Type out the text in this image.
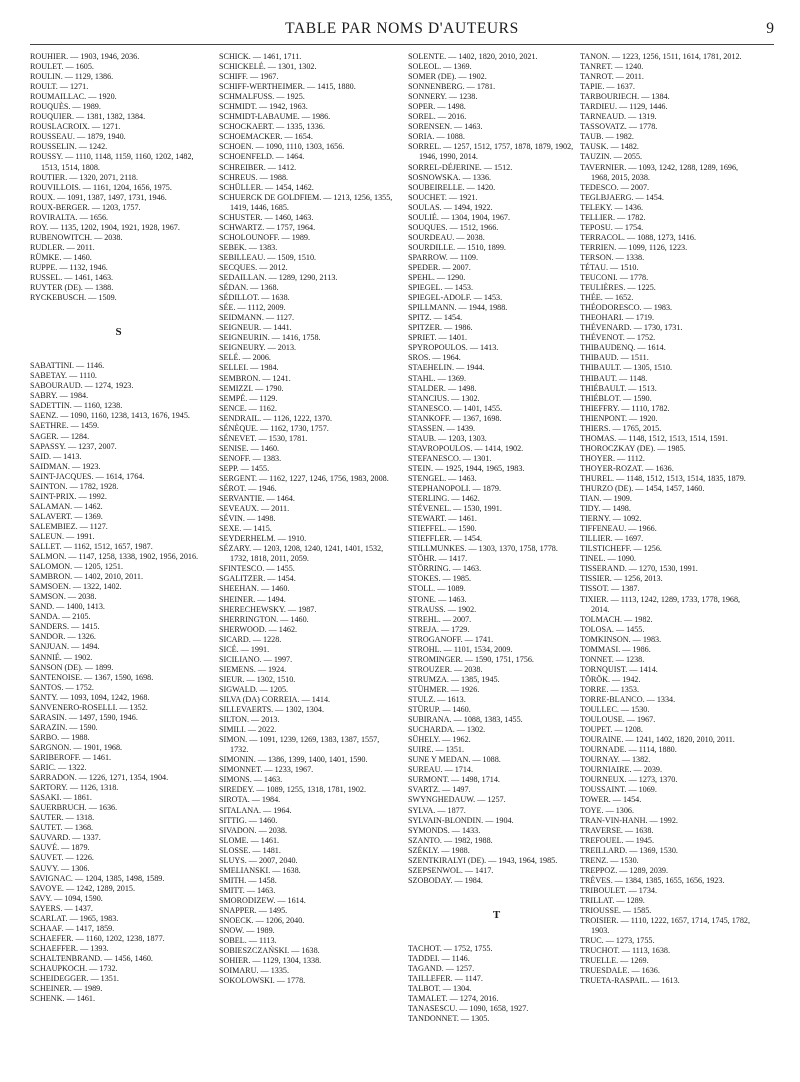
TABLE PAR NOMS D'AUTEURS	9
ROUHIER. — 1903, 1946, 2036.
ROULET. — 1605.
ROULIN. — 1129, 1386.
ROULT. — 1271.
ROUMAILLAC. — 1920.
ROUQUÈS. — 1989.
ROUQUIER. — 1381, 1382, 1384.
ROUSLACROIX. — 1271.
ROUSSEAU. — 1879, 1940.
ROUSSELIN. — 1242.
ROUSSY. — 1110, 1148, 1159, 1160, 1202, 1482, 1513, 1514, 1808.
ROUTIER. — 1320, 2071, 2118.
ROUVILLOIS. — 1161, 1204, 1656, 1975.
ROUX. — 1091, 1387, 1497, 1731, 1946.
ROUX-BERGER. — 1203, 1757.
ROVIRALTA. — 1656.
ROY. — 1135, 1202, 1904, 1921, 1928, 1967.
RUBENOWITCH. — 2038.
RUDLER. — 2011.
RÜMKE. — 1460.
RUPPE. — 1132, 1946.
RUSSEL. — 1461, 1463.
RUYTER (DE). — 1388.
RYCKEBUSCH. — 1509.
S
SABATTINI. — 1146.
SABETAY. — 1110.
SABOURAUD. — 1274, 1923.
SABRY. — 1984.
SADETTIN. — 1160, 1238.
SAENZ. — 1090, 1160, 1238, 1413, 1676, 1945.
SAETHRE. — 1459.
SAGER. — 1284.
SAPASSY. — 1237, 2007.
SAID. — 1413.
SAIDMAN. — 1923.
SAINT-JACQUES. — 1614, 1764.
SAINTON. — 1782, 1928.
SAINT-PRIX. — 1992.
SALAMAN. — 1462.
SALAVERT. — 1369.
SALEMBIEZ. — 1127.
SALEUN. — 1991.
SALLET. — 1162, 1512, 1657, 1987.
SALMON. — 1147, 1258, 1338, 1902, 1956, 2016.
SALOMON. — 1205, 1251.
SAMBRON. — 1402, 2010, 2011.
SAMSOEN. — 1322, 1402.
SAMSON. — 2038.
SAND. — 1400, 1413.
SANDA. — 2105.
SANDERS. — 1415.
SANDOR. — 1326.
SANJUAN. — 1494.
SANNIÉ. — 1902.
SANSON (DE). — 1899.
SANTENOISE. — 1367, 1590, 1698.
SANTOS. — 1752.
SANTY. — 1093, 1094, 1242, 1968.
SANVENERO-ROSELLI. — 1352.
SARASIN. — 1497, 1590, 1946.
SARAZIN. — 1590.
SARBO. — 1988.
SARGNON. — 1901, 1968.
SARIBEROFF. — 1461.
SARIC. — 1322.
SARRADON. — 1226, 1271, 1354, 1904.
SARTORY. — 1126, 1318.
SASAKI. — 1861.
SAUERBRUCH. — 1636.
SAUTER. — 1318.
SAUTET. — 1368.
SAUVARD. — 1337.
SAUVÉ. — 1879.
SAUVET. — 1226.
SAUVY. — 1306.
SAVIGNAC. — 1204, 1385, 1498, 1589.
SAVOYE. — 1242, 1289, 2015.
SAVY. — 1094, 1590.
SAYERS. — 1437.
SCARLAT. — 1965, 1983.
SCHAAF. — 1417, 1859.
SCHAEFER. — 1160, 1202, 1238, 1877.
SCHAEFFER. — 1393.
SCHALTENBRAND. — 1456, 1460.
SCHAUPKOCH. — 1732.
SCHEIDEGGER. — 1351.
SCHEINER. — 1989.
SCHENK. — 1461.
SCHICK. — 1461, 1711.
SCHICKELÉ. — 1301, 1302.
SCHIFF. — 1967.
SCHIFF-WERTHEIMER. — 1415, 1880.
SCHMALFUSS. — 1925.
SCHMIDT. — 1942, 1963.
SCHMIDT-LABAUME. — 1986.
SCHOCKAERT. — 1335, 1336.
SCHOEMACKER. — 1654.
SCHOEN. — 1090, 1110, 1303, 1656.
SCHOENFELD. — 1464.
SCHREIBER. — 1412.
SCHREUS. — 1988.
SCHÜLLER. — 1454, 1462.
SCHUERCK DE GOLDFIEM. — 1213, 1256, 1355, 1419, 1446, 1685.
SCHUSTER. — 1460, 1463.
SCHWARTZ. — 1757, 1964.
SCHOLOUNOFF. — 1989.
SEBEK. — 1383.
SEBILLEAU. — 1509, 1510.
SECQUES. — 2012.
SEDAILLAN. — 1289, 1290, 2113.
SÉDAN. — 1368.
SÉDILLOT. — 1638.
SÉE. — 1112, 2009.
SEIDMANN. — 1127.
SEIGNEUR. — 1441.
SEIGNEURIN. — 1416, 1758.
SEIGNEURY. — 2013.
SELÉ. — 2006.
SELLEI. — 1984.
SEMBRON. — 1241.
SEMIZZI. — 1790.
SEMPÉ. — 1129.
SENCE. — 1162.
SENDRAIL. — 1126, 1222, 1370.
SÉNÈQUE. — 1162, 1730, 1757.
SÉNEVET. — 1530, 1781.
SENISE. — 1460.
SENOFF. — 1383.
SEPP. — 1455.
SERGENT. — 1162, 1227, 1246, 1756, 1983, 2008.
SÉROT. — 1946.
SERVANTIE. — 1464.
SEVEAUX. — 2011.
SÉVIN. — 1498.
SEXE. — 1415.
SEYDERHELM. — 1910.
SÉZARY. — 1203, 1208, 1240, 1241, 1401, 1532, 1732, 1818, 2011, 2059.
SFINTESCO. — 1455.
SGALITZER. — 1454.
SHEEHAN. — 1460.
SHEINER. — 1494.
SHERECHEWSKY. — 1987.
SHERRINGTON. — 1460.
SHERWOOD. — 1462.
SICARD. — 1228.
SICÉ. — 1991.
SICILIANO. — 1997.
SIEMENS. — 1924.
SIEUR. — 1302, 1510.
SIGWALD. — 1205.
SILVA (DA) CORREIA. — 1414.
SILLEVAERTS. — 1302, 1304.
SILTON. — 2013.
SIMILI. — 2022.
SIMON. — 1091, 1239, 1269, 1383, 1387, 1557, 1732.
SIMONIN. — 1386, 1399, 1400, 1401, 1590.
SIMONNET. — 1233, 1967.
SIMONS. — 1463.
SIREDEY. — 1089, 1255, 1318, 1781, 1902.
SIROTA. — 1984.
SITALANA. — 1964.
SITTIG. — 1460.
SIVADON. — 2038.
SLOME. — 1461.
SLOSSE. — 1481.
SLUYS. — 2007, 2040.
SMELIANSKI. — 1638.
SMITH. — 1458.
SMITT. — 1463.
SMORODIZEW. — 1614.
SNAPPER. — 1495.
SNOECK. — 1206, 2040.
SNOW. — 1989.
SOBEL. — 1113.
SOBIESZCZAŃSKI. — 1638.
SOHIER. — 1129, 1304, 1338.
SOIMARU. — 1335.
SOKOLOWSKI. — 1778.
SOLENTE. — 1402, 1820, 2010, 2021.
SOLEOL. — 1369.
SOMER (DE). — 1902.
SONNENBERG. — 1781.
SONNERY. — 1238.
SOPER. — 1498.
SOREL. — 2016.
SORENSEN. — 1463.
SORIA. — 1088.
SORREL. — 1257, 1512, 1757, 1878, 1879, 1902, 1946, 1990, 2014.
SORREL-DÉJERINE. — 1512.
SOSNOWSKA. — 1336.
SOUBEIRELLE. — 1420.
SOUCHET. — 1921.
SOULAS. — 1494, 1922.
SOULIÉ. — 1304, 1904, 1967.
SOUQUES. — 1512, 1966.
SOURDEAU. — 2038.
SOURDILLE. — 1510, 1899.
SPARROW. — 1109.
SPEDER. — 2007.
SPEHL. — 1290.
SPIEGEL. — 1453.
SPIEGEL-ADOLF. — 1453.
SPILLMANN. — 1944, 1988.
SPITZ. — 1454.
SPITZER. — 1986.
SPRIET. — 1401.
SPYROPOULOS. — 1413.
SROS. — 1964.
STAEHELIN. — 1944.
STAHL. — 1369.
STALDER. — 1498.
STANCIUS. — 1302.
STANESCO. — 1401, 1455.
STANKOFF. — 1367, 1698.
STASSEN. — 1439.
STAUB. — 1203, 1303.
STAVROPOULOS. — 1414, 1902.
STEFANESCO. — 1301.
STEIN. — 1925, 1944, 1965, 1983.
STENGEL. — 1463.
STEPHANOPOLI. — 1879.
STERLING. — 1462.
STÉVENEL. — 1530, 1991.
STEWART. — 1461.
STIEFFEL. — 1590.
STIEFFLER. — 1454.
STILLMUNKES. — 1303, 1370, 1758, 1778.
STÖHR. — 1417.
STÖRRING. — 1463.
STOKES. — 1985.
STOLL. — 1089.
STONE. — 1463.
STRAUSS. — 1902.
STREHL. — 2007.
STREJA. — 1729.
STROGANOFF. — 1741.
STROHL. — 1101, 1534, 2009.
STROMINGER. — 1590, 1751, 1756.
STROUZER. — 2038.
STRUMZA. — 1385, 1945.
STÜHMER. — 1926.
STULZ. — 1613.
STÜRUP. — 1460.
SUBIRANA. — 1088, 1383, 1455.
SUCHARDA. — 1302.
SÜHELY. — 1962.
SUIRE. — 1351.
SUNE Y MEDAN. — 1088.
SUREAU. — 1714.
SURMONT. — 1498, 1714.
SVARTZ. — 1497.
SWYNGHEDAUW. — 1257.
SYLVA. — 1877.
SYLVAIN-BLONDIN. — 1904.
SYMONDS. — 1433.
SZANTO. — 1982, 1988.
SZÉKLY. — 1988.
SZENTKIRALYI (DE). — 1943, 1964, 1985.
SZEPSENWOL. — 1417.
SZOBODAY. — 1984.
T
TACHOT. — 1752, 1755.
TADDEI. — 1146.
TAGAND. — 1257.
TAILLEFER. — 1147.
TALBOT. — 1304.
TAMALET. — 1274, 2016.
TANASESCU. — 1090, 1658, 1927.
TANDONNET. — 1305.
TANON. — 1223, 1256, 1511, 1614, 1781, 2012.
TANRET. — 1240.
TANROT. — 2011.
TAPIE. — 1637.
TARBOURIECH. — 1384.
TARDIEU. — 1129, 1446.
TARNEAUD. — 1319.
TASSOVATZ. — 1778.
TAUB. — 1982.
TAUSK. — 1482.
TAUZIN. — 2055.
TAVERNIER. — 1093, 1242, 1288, 1289, 1696, 1968, 2015, 2038.
TEDESCO. — 2007.
TEGLBJAERG. — 1454.
TELEKY. — 1436.
TELLIER. — 1782.
TEPOSU. — 1754.
TERRACOL. — 1088, 1273, 1416.
TERRIEN. — 1099, 1126, 1223.
TERSON. — 1338.
TÉTAU. — 1510.
TEUCONI. — 1778.
TEULIÈRES. — 1225.
THÉE. — 1652.
THÉODORESCO. — 1983.
THEOHARI. — 1719.
THÉVENARD. — 1730, 1731.
THÉVENOT. — 1752.
THIBAUDENQ. — 1614.
THIBAUD. — 1511.
THIBAULT. — 1305, 1510.
THIBAUT. — 1148.
THIÉBAULT. — 1513.
THIÉBLOT. — 1590.
THIEFFRY. — 1110, 1782.
THIENPONT. — 1920.
THIERS. — 1765, 2015.
THOMAS. — 1148, 1512, 1513, 1514, 1591.
THOROCZKAY (DE). — 1985.
THOYER. — 1112.
THOYER-ROZAT. — 1636.
THUREL. — 1148, 1512, 1513, 1514, 1835, 1879.
THURZO (DE). — 1454, 1457, 1460.
TIAN. — 1909.
TIDY. — 1498.
TIERNY. — 1092.
TIFFENEAU. — 1966.
TILLIER. — 1697.
TILSTICHEFF. — 1256.
TINEL. — 1090.
TISSERAND. — 1270, 1530, 1991.
TISSIER. — 1256, 2013.
TISSOT. — 1387.
TIXIER. — 1113, 1242, 1289, 1733, 1778, 1968, 2014.
TOLMACH. — 1982.
TOLOSA. — 1455.
TOMKINSON. — 1983.
TOMMASI. — 1986.
TONNET. — 1238.
TORNQUIST. — 1414.
TÖRÖK. — 1942.
TORRE. — 1353.
TORRE-BLANCO. — 1334.
TOULLEC. — 1530.
TOULOUSE. — 1967.
TOUPET. — 1208.
TOURAINE. — 1241, 1402, 1820, 2010, 2011.
TOURNADE. — 1114, 1880.
TOURNAY. — 1382.
TOURNIAIRE. — 2039.
TOURNEUX. — 1273, 1370.
TOUSSAINT. — 1069.
TOWER. — 1454.
TOYE. — 1306.
TRAN-VIN-HANH. — 1992.
TRAVERSE. — 1638.
TREFOUEL. — 1945.
TREILLARD. — 1369, 1530.
TRENZ. — 1530.
TREPPOZ. — 1289, 2039.
TRÈVES. — 1384, 1385, 1655, 1656, 1923.
TRIBOULET. — 1734.
TRILLAT. — 1289.
TRIOUSSE. — 1585.
TROISIER. — 1110, 1222, 1657, 1714, 1745, 1782, 1903.
TRUC. — 1273, 1755.
TRUCHOT. — 1113, 1638.
TRUELLE. — 1269.
TRUESDALE. — 1636.
TRUETA-RASPAIL. — 1613.
